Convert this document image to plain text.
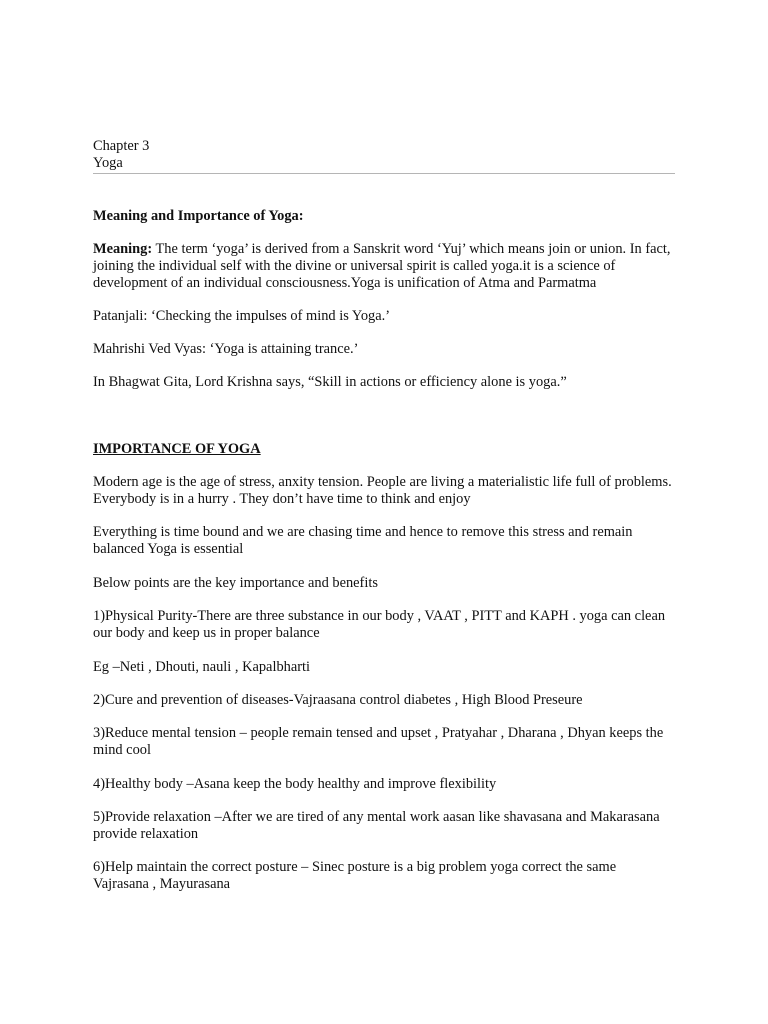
Chapter 3
Yoga

Meaning and Importance of Yoga:

Meaning: The term ‘yoga’ is derived from a Sanskrit word ‘Yuj’ which means join or union. In fact, joining the individual self with the divine or universal spirit is called yoga.it is a science of development of an individual consciousness.Yoga is unification of Atma and Parmatma

Patanjali: ‘Checking the impulses of mind is Yoga.’

Mahrishi Ved Vyas: ‘Yoga is attaining trance.’

In Bhagwat Gita, Lord Krishna says, “Skill in actions or efficiency alone is yoga.”

IMPORTANCE OF YOGA

Modern age is the age of stress, anxity tension. People are living a materialistic life full of problems. Everybody is in a hurry . They don’t have time to think and enjoy

Everything is time bound and we are chasing time and hence to remove this stress and remain balanced Yoga is essential

Below points are the key importance and benefits

1)Physical Purity-There are three substance in our body , VAAT , PITT and KAPH . yoga can clean our body and keep us in proper balance

Eg –Neti , Dhouti, nauli , Kapalbharti

2)Cure and prevention of diseases-Vajraasana control diabetes , High Blood Preseure

3)Reduce mental tension – people remain tensed and upset , Pratyahar , Dharana , Dhyan keeps the mind cool

4)Healthy body –Asana keep the body healthy and improve flexibility

5)Provide relaxation –After we are tired of any mental work aasan like shavasana and Makarasana provide relaxation

6)Help maintain the correct posture – Sinec posture is a big problem yoga correct the same Vajrasana , Mayurasana
